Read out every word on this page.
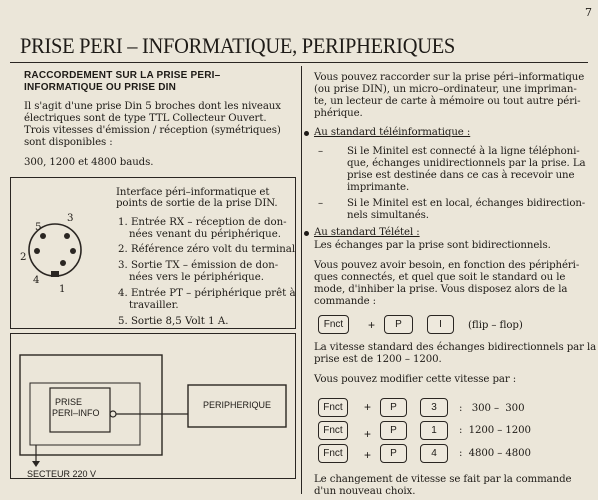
7
PRISE PERI – INFORMATIQUE, PERIPHERIQUES
RACCORDEMENT SUR LA PRISE PERI–
INFORMATIQUE OU PRISE DIN
Il s'agit d'une prise Din 5 broches dont les niveaux
électriques sont de type TTL Collecteur Ouvert.
Trois vitesses d'émission / réception (symétriques)
sont disponibles :
300, 1200 et 4800 bauds.
3
5
2
4
1
Interface péri–informatique et
points de sortie de la prise DIN.
1. Entrée RX – réception de don-
nées venant du périphérique.
2. Référence zéro volt du terminal
3. Sortie TX – émission de don-
nées vers le périphérique.
4. Entrée PT – périphérique prêt à
travailler.
5. Sortie 8,5 Volt 1 A.
PRISE
PERI–INFO
PERIPHERIQUE
SECTEUR 220 V
Vous pouvez raccorder sur la prise péri–informatique
(ou prise DIN), un micro–ordinateur, une impriman-
te, un lecteur de carte à mémoire ou tout autre péri-
phérique.
Au standard téléinformatique :
– Si le Minitel est connecté à la ligne téléphoni-
que, échanges unidirectionnels par la prise. La
prise est destinée dans ce cas à recevoir une
imprimante.
– Si le Minitel est en local, échanges bidirection-
nels simultanés.
Au standard Télétel :
Les échanges par la prise sont bidirectionnels.
Vous pouvez avoir besoin, en fonction des périphéri-
ques connectés, et quel que soit le standard ou le
mode, d'inhiber la prise. Vous disposez alors de la
commande :
Fnct	+	P	I	(flip – flop)
La vitesse standard des échanges bidirectionnels par la
prise est de 1200 – 1200.
Vous pouvez modifier cette vitesse par :
Fnct	+	P	3	:   300 –  300
Fnct	+	P	1	:  1200 – 1200
Fnct	+	P	4	:  4800 – 4800
Le changement de vitesse se fait par la commande
d'un nouveau choix.
